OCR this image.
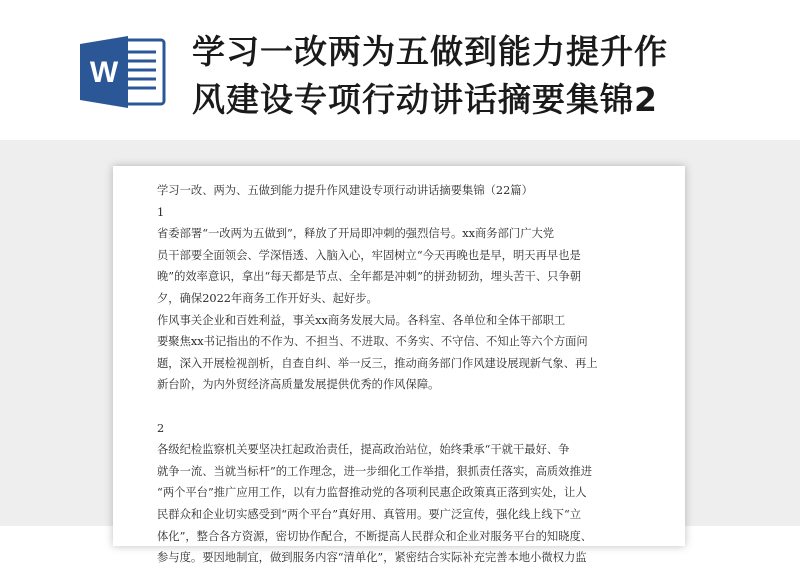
W
学习一改两为五做到能力提升作
风建设专项行动讲话摘要集锦2

学习一改、两为、五做到能力提升作风建设专项行动讲话摘要集锦（22篇）

1

省委部署“一改两为五做到”，释放了开局即冲刺的强烈信号。xx商务部门广大党

员干部要全面领会、学深悟透、入脑入心，牢固树立“今天再晚也是早，明天再早也是

晚”的效率意识，拿出“每天都是节点、全年都是冲刺”的拼劲韧劲，埋头苦干、只争朝

夕，确保2022年商务工作开好头、起好步。

作风事关企业和百姓利益，事关xx商务发展大局。各科室、各单位和全体干部职工

要聚焦xx书记指出的不作为、不担当、不进取、不务实、不守信、不知止等六个方面问

题，深入开展检视剖析，自查自纠、举一反三，推动商务部门作风建设展现新气象、再上

新台阶，为内外贸经济高质量发展提供优秀的作风保障。

2

各级纪检监察机关要坚决扛起政治责任，提高政治站位，始终秉承“干就干最好、争

就争一流、当就当标杆”的工作理念，进一步细化工作举措，狠抓责任落实，高质效推进

“两个平台”推广应用工作，以有力监督推动党的各项利民惠企政策真正落到实处，让人

民群众和企业切实感受到“两个平台”真好用、真管用。要广泛宣传，强化线上线下“立

体化”，整合各方资源，密切协作配合，不断提高人民群众和企业对服务平台的知晓度、

参与度。要因地制宜，做到服务内容“清单化”，紧密结合实际补充完善本地小微权力监
